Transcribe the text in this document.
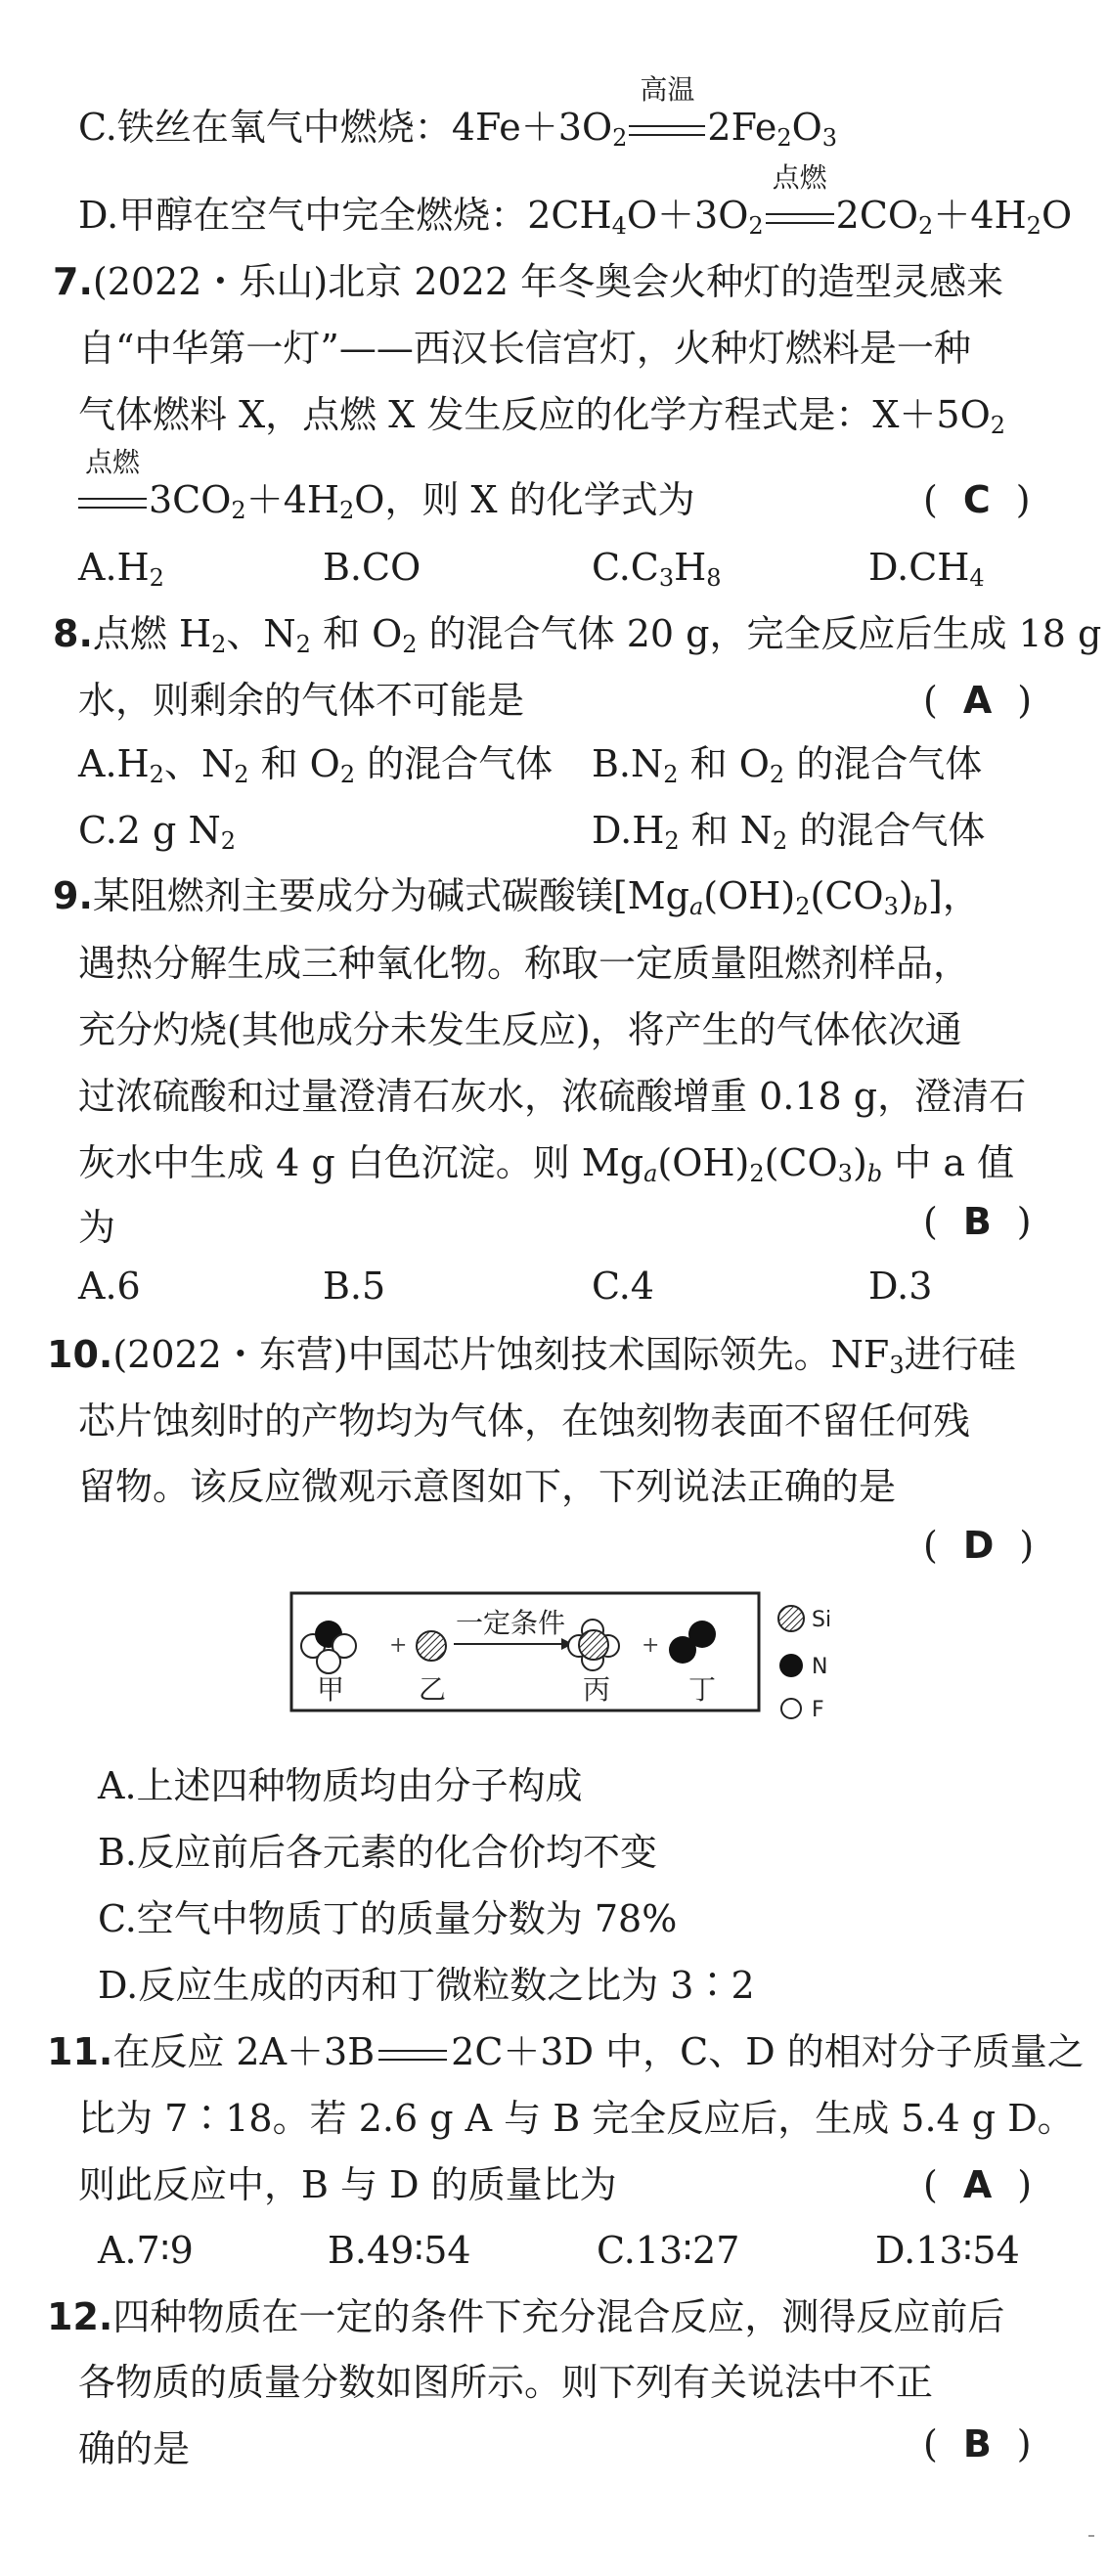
C.铁丝在氧气中燃烧：$4Fe+3O_2$
高温
$2Fe_2O_3$
D.甲醇在空气中完全燃烧：$2CH_4O+3O_2$
点燃
$2CO_2+4H_2O$
7.(2022・乐山)北京 2022 年冬奥会火种灯的造型灵感来
自“中华第一灯”——西汉长信宫灯，火种灯燃料是一种
气体燃料 X，点燃 X 发生反应的化学方程式是：$X+5O_2$
点燃
$3CO_2+4H_2O$，则 X 的化学式为	( C )
$A.H_2$	B.CO	$C.C_3H_8$	$D.CH_4$
8.点燃 $H_2$、$N_2$ 和 $O_2$ 的混合气体 20 g，完全反应后生成 18 g
水，则剩余的气体不可能是	( A )
$A.H_2$、$N_2$ 和 $O_2$ 的混合气体 $B.N_2$ 和 $O_2$ 的混合气体
C.2 g $N_2$	$D.H_2$ 和 $N_2$ 的混合气体
9.某阻燃剂主要成分为碱式碳酸镁$[Mg_a(OH)_2(CO_3)_b]$，
遇热分解生成三种氧化物。称取一定质量阻燃剂样品，
充分灼烧(其他成分未发生反应)，将产生的气体依次通
过浓硫酸和过量澄清石灰水，浓硫酸增重 0.18 g，澄清石
灰水中生成 4 g 白色沉淀。则 $Mg_a(OH)_2(CO_3)_b$ 中 a 值
为	( B )
A.6	B.5	C.4	D.3
10.(2022・东营)中国芯片蚀刻技术国际领先。$NF_3$进行硅
芯片蚀刻时的产物均为气体，在蚀刻物表面不留任何残
留物。该反应微观示意图如下，下列说法正确的是
( D )
+
一定条件
+
甲	乙	丙	丁
Si
N
F
A.上述四种物质均由分子构成
B.反应前后各元素的化合价均不变
C.空气中物质丁的质量分数为 78%
D.反应生成的丙和丁微粒数之比为 3∶2
11.在反应 2A＋3B 2C＋3D 中，C、D 的相对分子质量之
比为 7∶18。若 2.6 g A 与 B 完全反应后，生成 5.4 g D。
则此反应中，B 与 D 的质量比为	( A )
A.7∶9	B.49∶54	C.13∶27	D.13∶54
12.四种物质在一定的条件下充分混合反应，测得反应前后
各物质的质量分数如图所示。则下列有关说法中不正
确的是	( B )
